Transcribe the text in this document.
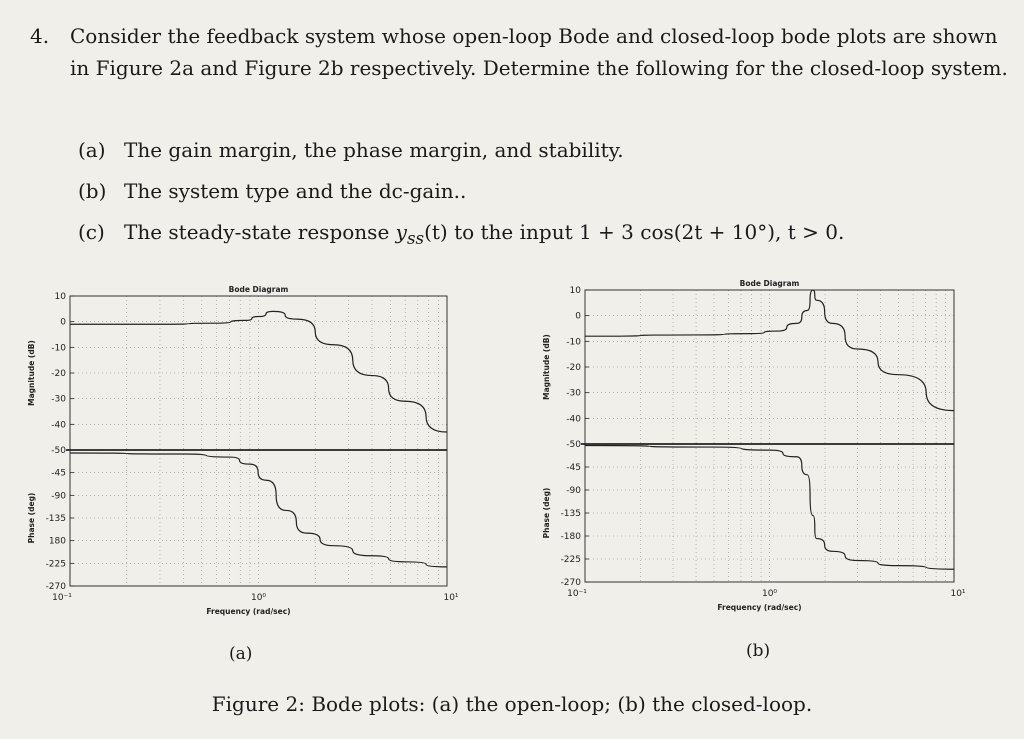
4. Consider the feedback system whose open-loop Bode and closed-loop bode plots are shown in Figure 2a and Figure 2b respectively. Determine the following for the closed-loop system.
(a) The gain margin, the phase margin, and stability.
(b) The system type and the dc-gain..
(c) The steady-state response $y_{ss}(t)$ to the input 1 + 3 cos(2t + 10°), t > 0.
10
0
-10
-20
-30
-40
-50
-45
-90
-135
180
-225
-270
10⁻¹	10⁰	10¹
Bode Diagram
Frequency (rad/sec)
Magnitude (dB)
Phase (deg)
10
0
-10
-20
-30
-40
-50
-45
-90
-135
-180
-225
-270
10⁻¹	10⁰	10¹
Bode Diagram
Frequency (rad/sec)
Magnitude (dB)
Phase (deg)
(a)	(b)
Figure 2: Bode plots: (a) the open-loop; (b) the closed-loop.
